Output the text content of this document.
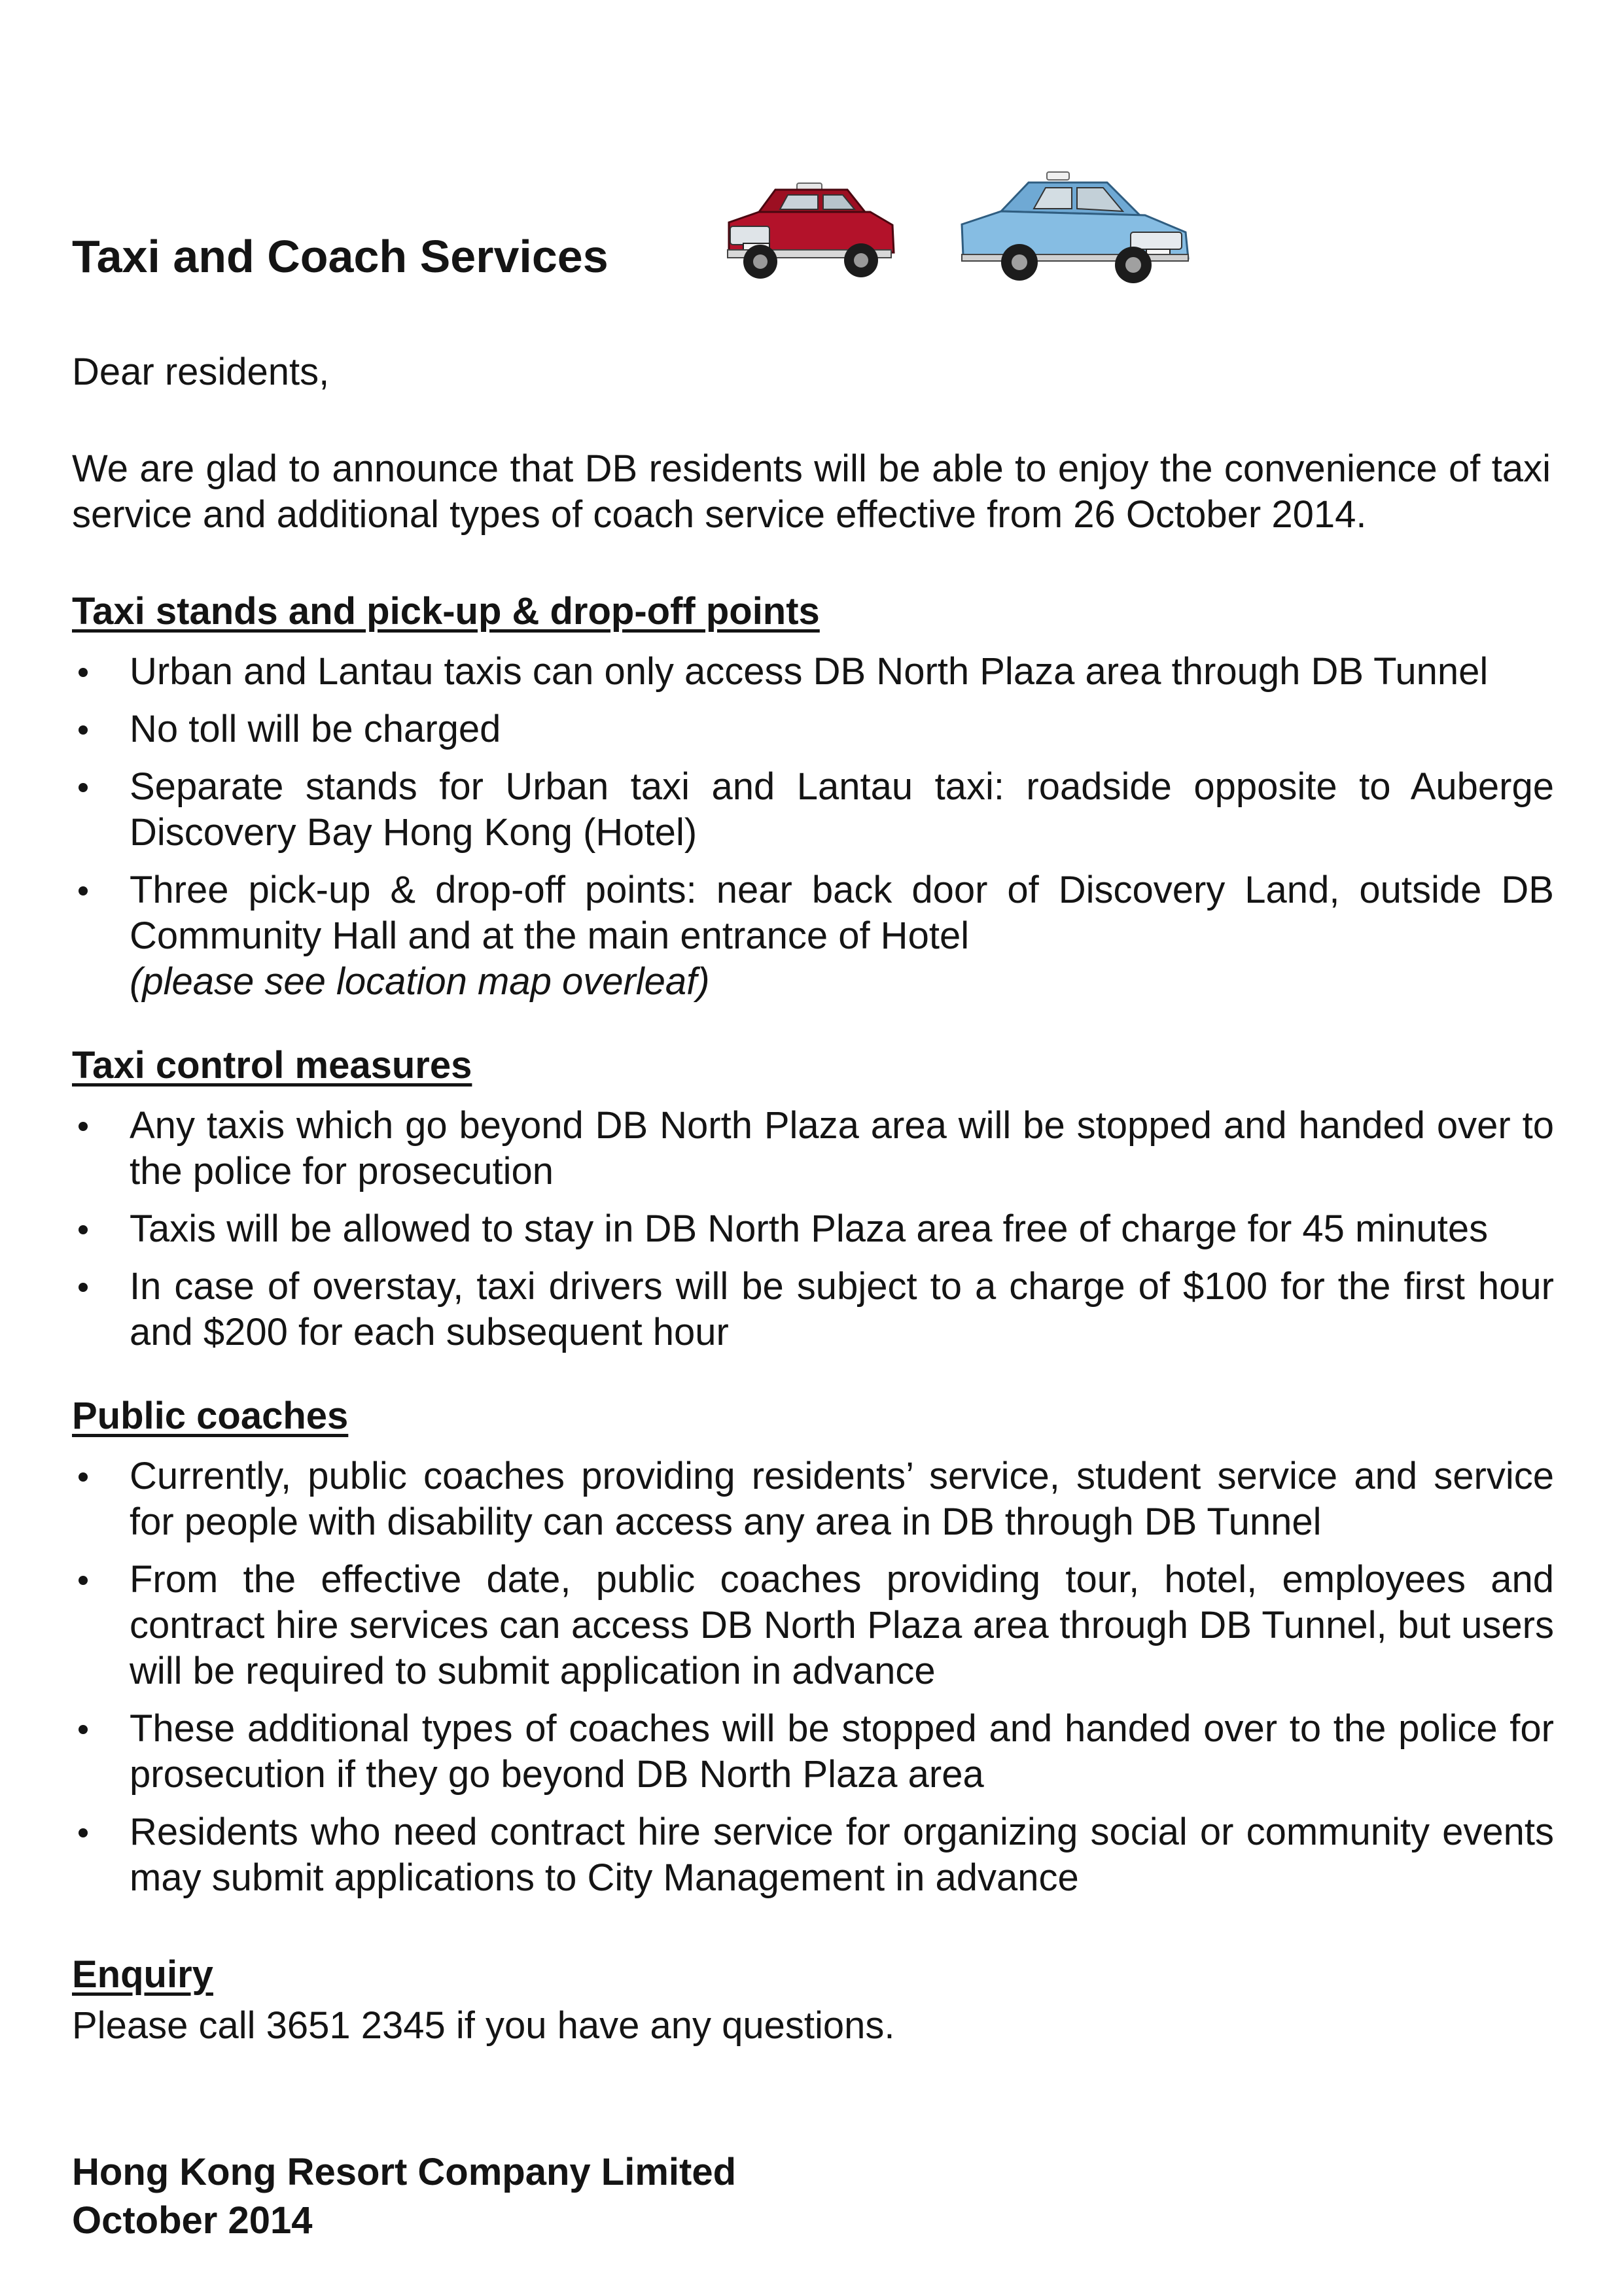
Taxi and Coach Services

Dear residents,

We are glad to announce that DB residents will be able to enjoy the convenience of taxi service and additional types of coach service effective from 26 October 2014.

Taxi stands and pick-up & drop-off points
Urban and Lantau taxis can only access DB North Plaza area through DB Tunnel
No toll will be charged
Separate stands for Urban taxi and Lantau taxi: roadside opposite to Auberge Discovery Bay Hong Kong (Hotel)
Three pick-up & drop-off points: near back door of Discovery Land, outside DB Community Hall and at the main entrance of Hotel
(please see location map overleaf)
Taxi control measures
Any taxis which go beyond DB North Plaza area will be stopped and handed over to the police for prosecution
Taxis will be allowed to stay in DB North Plaza area free of charge for 45 minutes
In case of overstay, taxi drivers will be subject to a charge of $100 for the first hour and $200 for each subsequent hour
Public coaches
Currently, public coaches providing residents’ service, student service and service for people with disability can access any area in DB through DB Tunnel
From the effective date, public coaches providing tour, hotel, employees and contract hire services can access DB North Plaza area through DB Tunnel, but users will be required to submit application in advance
These additional types of coaches will be stopped and handed over to the police for prosecution if they go beyond DB North Plaza area
Residents who need contract hire service for organizing social or community events may submit applications to City Management in advance
Enquiry

Please call 3651 2345 if you have any questions.

Hong Kong Resort Company Limited

October 2014
